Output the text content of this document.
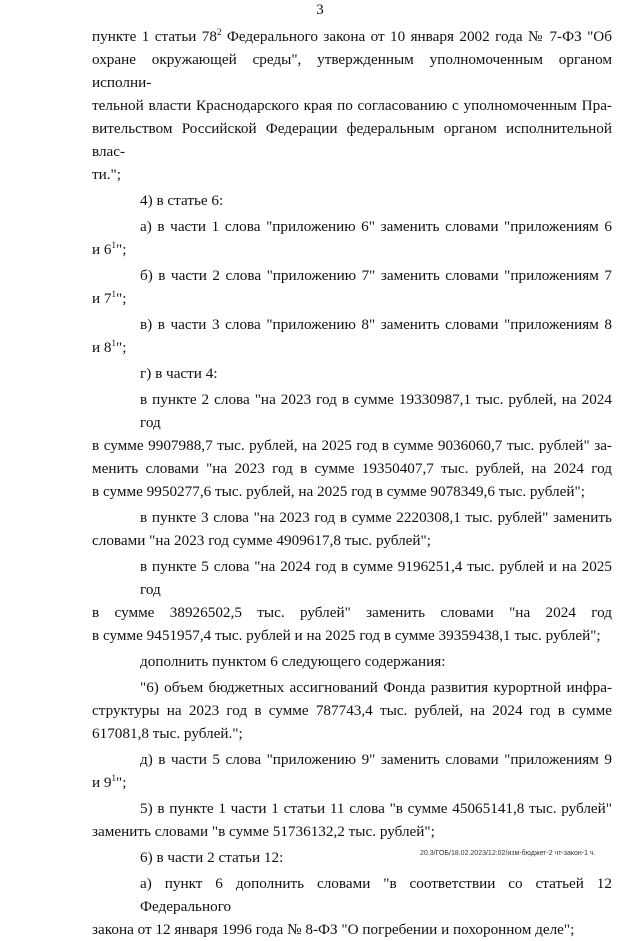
3
пункте 1 статьи $78^2$ Федерального закона от 10 января 2002 года № 7-ФЗ "Об
охране окружающей среды", утвержденным уполномоченным органом исполни-
тельной власти Краснодарского края по согласованию с уполномоченным Пра-
вительством Российской Федерации федеральным органом исполнительной влас-
ти.";
4) в статье 6:
а) в части 1 слова "приложению 6" заменить словами "приложениям 6
и $6^1$";
б) в части 2 слова "приложению 7" заменить словами "приложениям 7
и $7^1$";
в) в части 3 слова "приложению 8" заменить словами "приложениям 8
и $8^1$";
г) в части 4:
в пункте 2 слова "на 2023 год в сумме 19330987,1 тыс. рублей, на 2024 год
в сумме 9907988,7 тыс. рублей, на 2025 год в сумме 9036060,7 тыс. рублей" за-
менить словами "на 2023 год в сумме 19350407,7 тыс. рублей, на 2024 год
в сумме 9950277,6 тыс. рублей, на 2025 год в сумме 9078349,6 тыс. рублей";
в пункте 3 слова "на 2023 год в сумме 2220308,1 тыс. рублей" заменить
словами "на 2023 год сумме 4909617,8 тыс. рублей";
в пункте 5 слова "на 2024 год в сумме 9196251,4 тыс. рублей и на 2025 год
в сумме 38926502,5 тыс. рублей" заменить словами "на 2024 год
в сумме 9451957,4 тыс. рублей и на 2025 год в сумме 39359438,1 тыс. рублей";
дополнить пунктом 6 следующего содержания:
"6) объем бюджетных ассигнований Фонда развития курортной инфра-
структуры на 2023 год в сумме 787743,4 тыс. рублей, на 2024 год в сумме
617081,8 тыс. рублей.";
д) в части 5 слова "приложению 9" заменить словами "приложениям 9
и $9^1$";
5) в пункте 1 части 1 статьи 11 слова "в сумме 45065141,8 тыс. рублей"
заменить словами "в сумме 51736132,2 тыс. рублей";
6) в части 2 статьи 12:
а) пункт 6 дополнить словами "в соответствии со статьей 12 Федерального
закона от 12 января 1996 года № 8-ФЗ "О погребении и похоронном деле";
20.3/ГОБ/18.02.2023/12:02/изм-бюджет-2 чт-закон-1 ч.
